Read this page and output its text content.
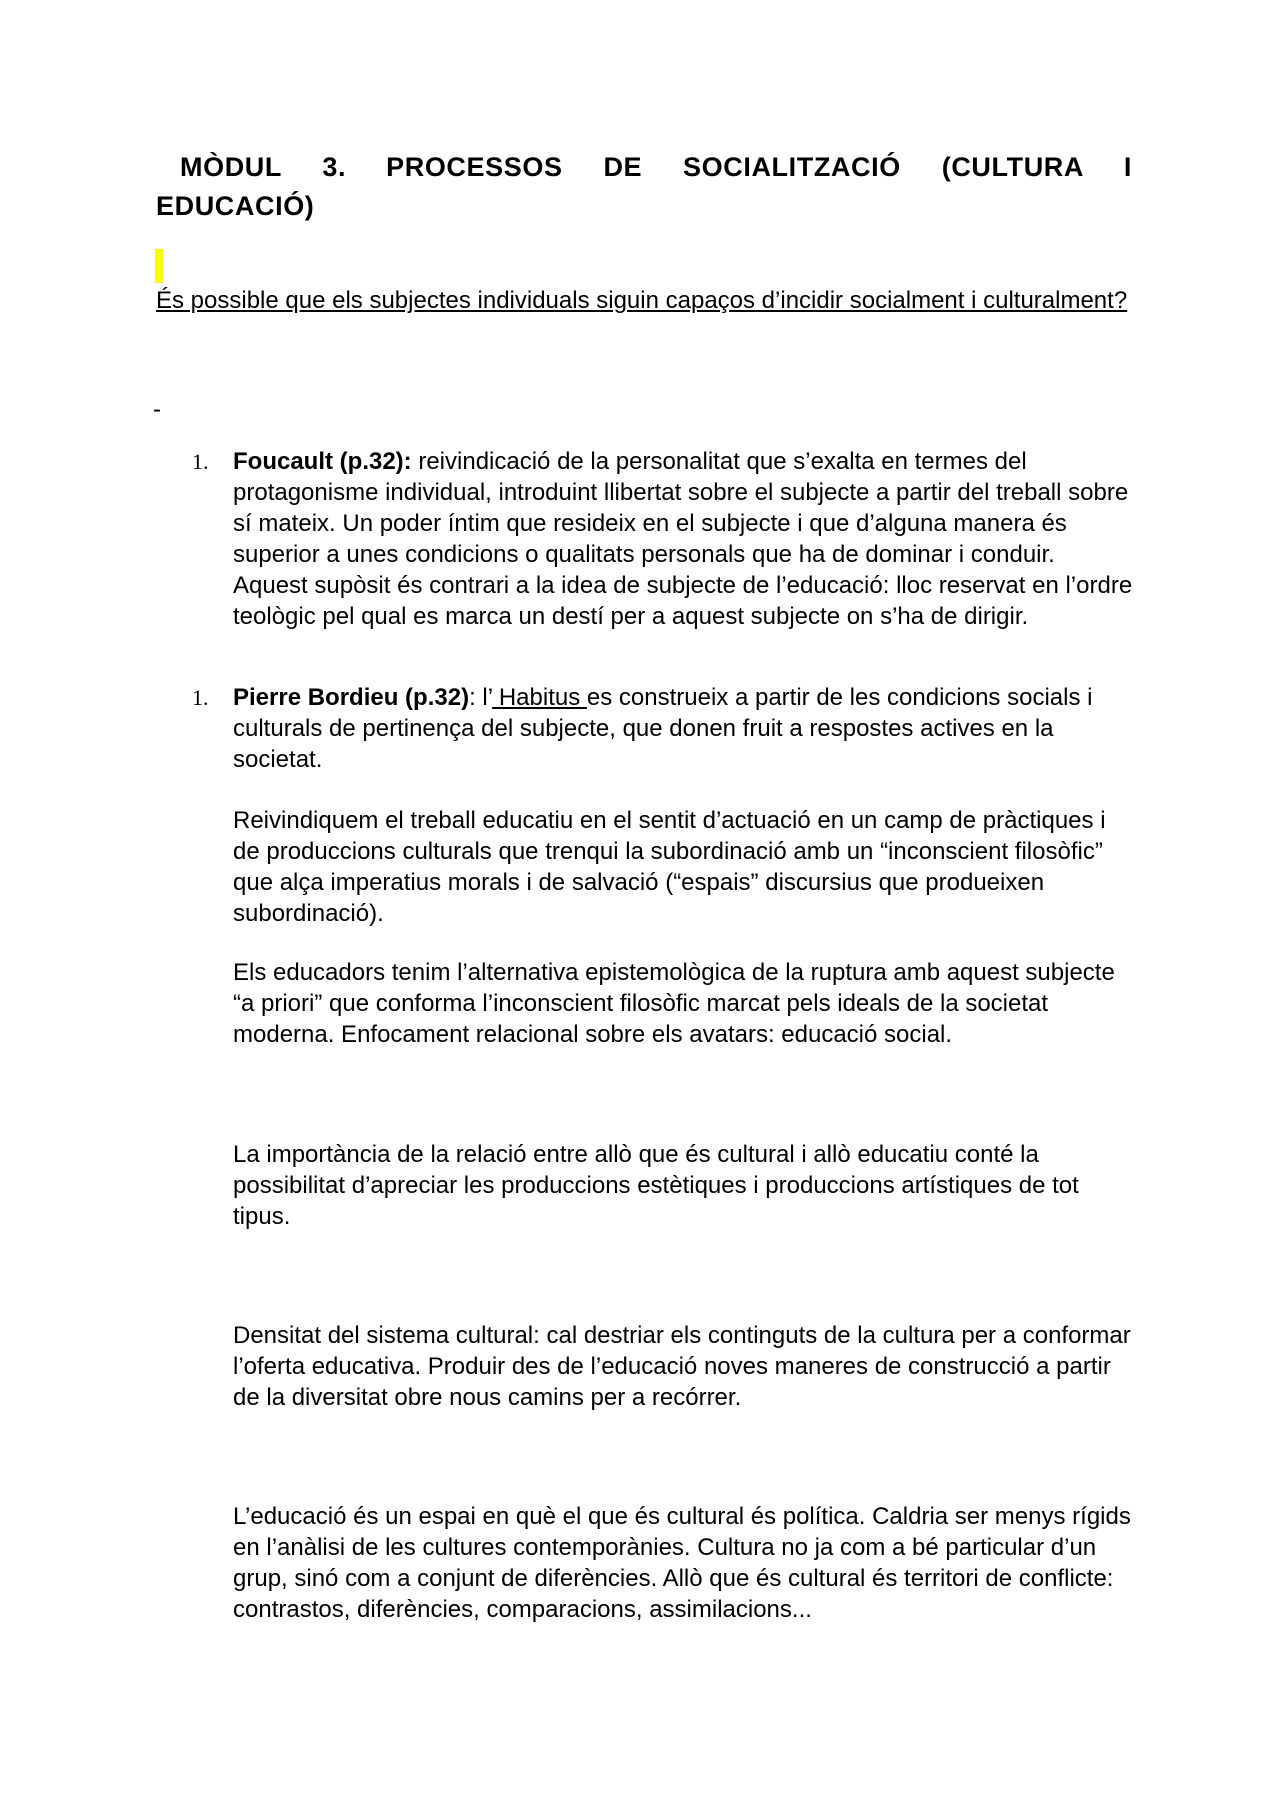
MÒDUL 3. PROCESSOS DE SOCIALITZACIÓ (CULTURA I EDUCACIÓ)

És possible que els subjectes individuals siguin capaços d’incidir socialment i culturalment?

-

1. Foucault (p.32): reivindicació de la personalitat que s’exalta en termes del protagonisme individual, introduint llibertat sobre el subjecte a partir del treball sobre sí mateix. Un poder íntim que resideix en el subjecte i que d’alguna manera és superior a unes condicions o qualitats personals que ha de dominar i conduir. Aquest supòsit és contrari a la idea de subjecte de l’educació: lloc reservat en l’ordre teològic pel qual es marca un destí per a aquest subjecte on s’ha de dirigir.
1. Pierre Bordieu (p.32): l’ Habitus es construeix a partir de les condicions socials i culturals de pertinença del subjecte, que donen fruit a respostes actives en la societat.

Reivindiquem el treball educatiu en el sentit d’actuació en un camp de pràctiques i de produccions culturals que trenqui la subordinació amb un “inconscient filosòfic” que alça imperatius morals i de salvació (“espais” discursius que produeixen subordinació).

Els educadors tenim l’alternativa epistemològica de la ruptura amb aquest subjecte “a priori” que conforma l’inconscient filosòfic marcat pels ideals de la societat moderna. Enfocament relacional sobre els avatars: educació social.

La importància de la relació entre allò que és cultural i allò educatiu conté la possibilitat d’apreciar les produccions estètiques i produccions artístiques de tot tipus.

Densitat del sistema cultural: cal destriar els continguts de la cultura per a conformar l’oferta educativa. Produir des de l’educació noves maneres de construcció a partir de la diversitat obre nous camins per a recórrer.

L’educació és un espai en què el que és cultural és política. Caldria ser menys rígids en l’anàlisi de les cultures contemporànies. Cultura no ja com a bé particular d’un grup, sinó com a conjunt de diferències. Allò que és cultural és territori de conflicte: contrastos, diferències, comparacions, assimilacions...
